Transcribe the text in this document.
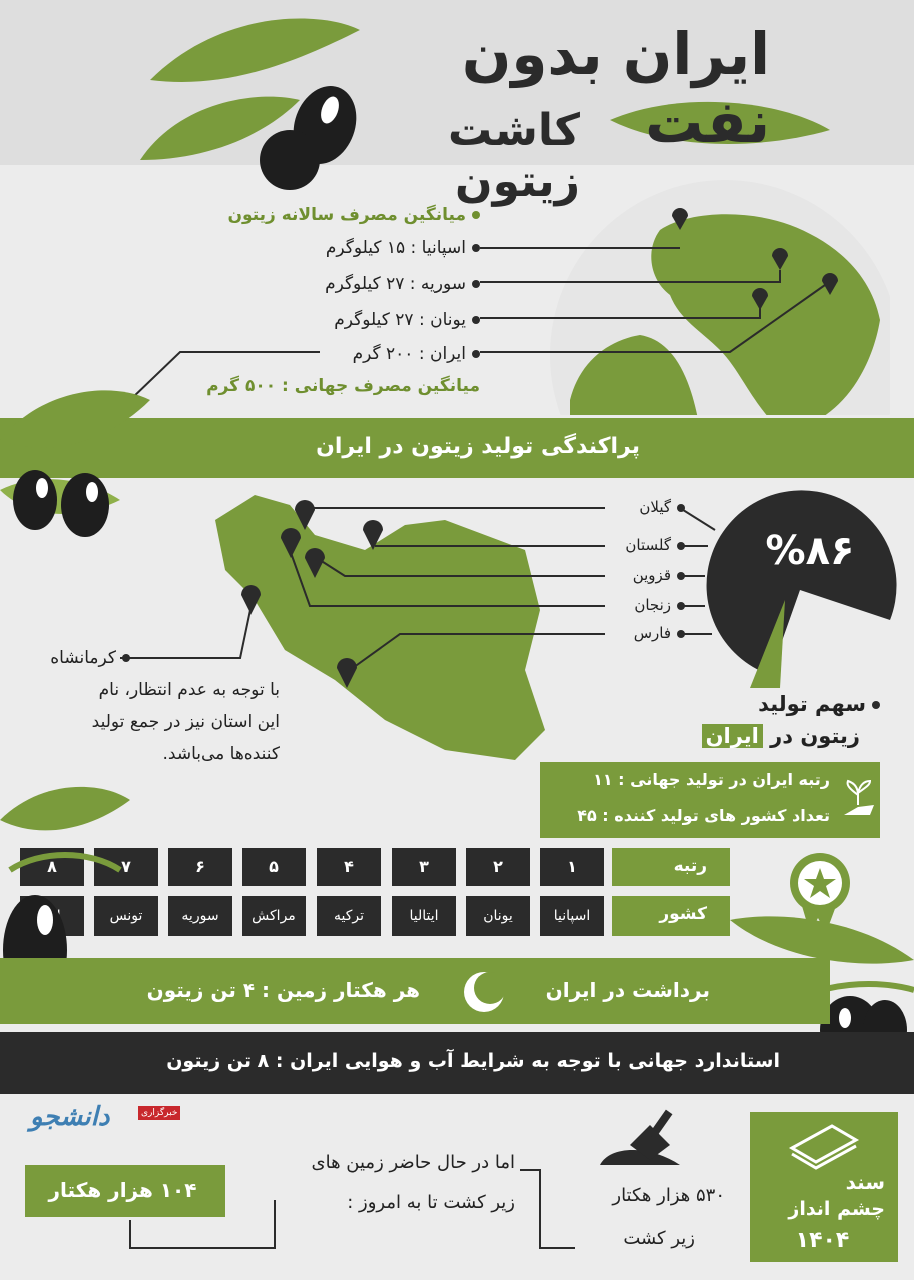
ایران بدون نفت
کاشت زیتون
میانگین مصرف سالانه زیتون
اسپانیا : ۱۵ کیلوگرم
سوریه : ۲۷ کیلوگرم
یونان : ۲۷ کیلوگرم
ایران : ۲۰۰ گرم
میانگین مصرف جهانی : ۵۰۰ گرم
پراکندگی تولید زیتون در ایران
گیلان
گلستان
قزوین
زنجان
فارس
کرمانشاه
با توجه به عدم انتظار، نام
این استان نیز در جمع تولید
کننده‌ها می‌باشد.
%۸۶
سهم تولید
زیتون در ایران
رتبه ایران در تولید جهانی : ۱۱
تعداد کشور های تولید کننده : ۴۵
رتبه
کشور
۱
۲
۳
۴
۵
۶
۷
۸
اسپانیا
یونان
ایتالیا
ترکیه
مراکش
سوریه
تونس
برداشت در ایران
هر هکتار زمین : ۴ تن زیتون
استاندارد جهانی با توجه به شرایط آب و هوایی ایران : ۸ تن زیتون
دانشجو	خبرگزاری
۱۰۴ هزار هکتار
اما در حال حاضر زمین های
زیر کشت تا به امروز :	۵۳۰ هزار هکتار
زیر کشت
سند
چشم انداز
۱۴۰۴
